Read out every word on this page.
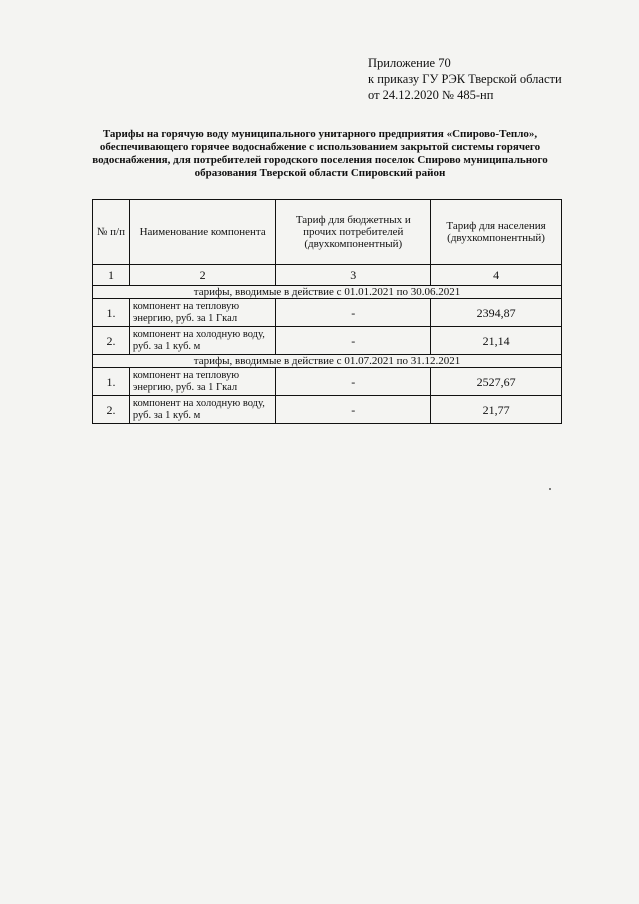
Приложение 70
к приказу ГУ РЭК Тверской области
от 24.12.2020 № 485-нп
Тарифы на горячую воду муниципального унитарного предприятия «Спирово-Тепло»,
обеспечивающего горячее водоснабжение с использованием закрытой системы горячего
водоснабжения, для потребителей городского поселения поселок Спирово муниципального
образования Тверской области Спировский район
№ п/п	Наименование компонента	Тариф для бюджетных и прочих потребителей (двухкомпонентный)	Тариф для населения (двухкомпонентный)
1	2	3	4
тарифы, вводимые в действие с 01.01.2021 по 30.06.2021			
1.	компонент на тепловую энергию, руб. за 1 Гкал	-	2394,87
2.	компонент на холодную воду, руб. за 1 куб. м	-	21,14
тарифы, вводимые в действие с 01.07.2021 по 31.12.2021			
1.	компонент на тепловую энергию, руб. за 1 Гкал	-	2527,67
2.	компонент на холодную воду, руб. за 1 куб. м	-	21,77
